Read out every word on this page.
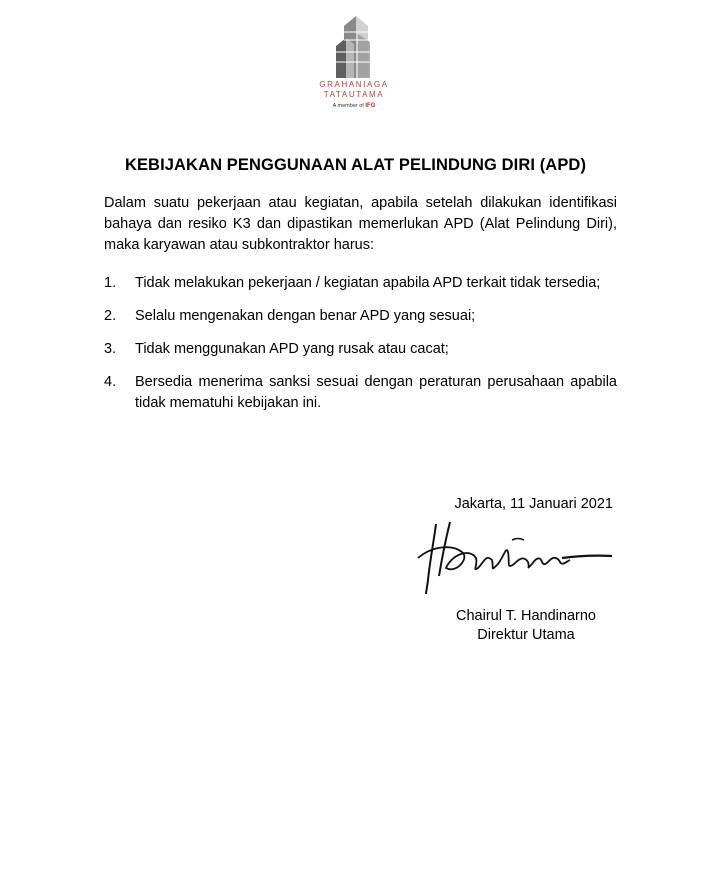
GRAHANIAGA
TATAUTAMA
A member of IFG
KEBIJAKAN PENGGUNAAN ALAT PELINDUNG DIRI (APD)
Dalam suatu pekerjaan atau kegiatan, apabila setelah dilakukan identifikasi bahaya dan resiko K3 dan dipastikan memerlukan APD (Alat Pelindung Diri), maka karyawan atau subkontraktor harus:
1. Tidak melakukan pekerjaan / kegiatan apabila APD terkait tidak tersedia;
2. Selalu mengenakan dengan benar APD yang sesuai;
3. Tidak menggunakan APD yang rusak atau cacat;
4. Bersedia menerima sanksi sesuai dengan peraturan perusahaan apabila tidak mematuhi kebijakan ini.
Jakarta, 11 Januari 2021
Chairul T. Handinarno
Direktur Utama
